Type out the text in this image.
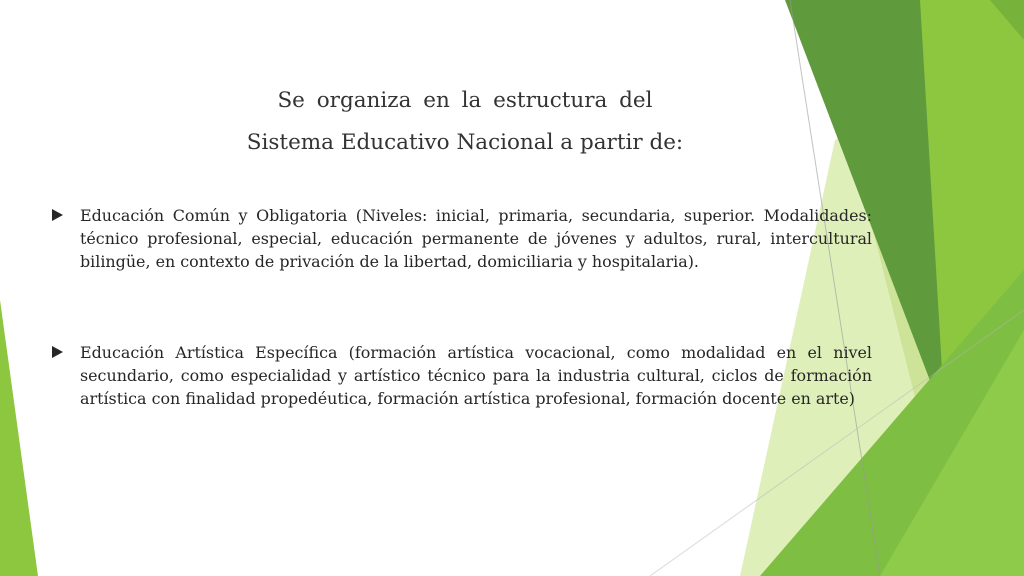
Se organiza en la estructura del
Sistema Educativo Nacional a partir de:
Educación Común y Obligatoria (Niveles: inicial, primaria, secundaria, superior. Modalidades: técnico profesional, especial, educación permanente de jóvenes y adultos, rural, intercultural bilingüe, en contexto de privación de la libertad, domiciliaria y hospitalaria).
Educación Artística Específica (formación artística vocacional, como modalidad en el nivel secundario, como especialidad y artístico técnico para la industria cultural, ciclos de formación artística con finalidad propedéutica, formación artística profesional, formación docente en arte)
